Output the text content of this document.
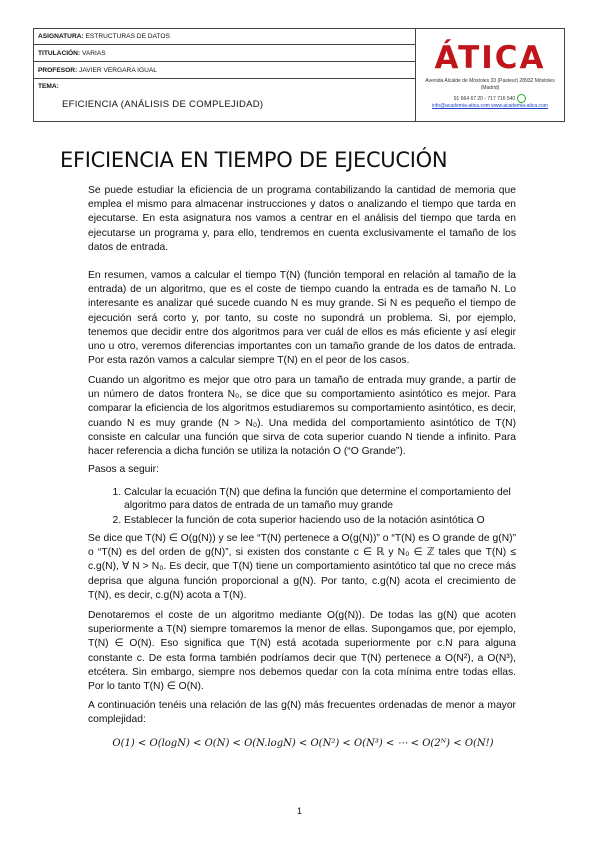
ASIGNATURA: ESTRUCTURAS DE DATOS	
ÁTICA
Avenida Alcalde de Móstoles 33 (Pasteur) 28932 Móstoles (Madrid)
91 664 67 20 - 717 716 540
info@academia-atica.com www.academia-atica.com

TITULACIÓN: VARIAS
PROFESOR: JAVIER VERGARA IGUAL
TEMA:
EFICIENCIA (ANÁLISIS DE COMPLEJIDAD)
EFICIENCIA EN TIEMPO DE EJECUCIÓN

Se puede estudiar la eficiencia de un programa contabilizando la cantidad de memoria que emplea el mismo para almacenar instrucciones y datos o analizando el tiempo que tarda en ejecutarse. En esta asignatura nos vamos a centrar en el análisis del tiempo que tarda en ejecutarse un programa y, para ello, tendremos en cuenta exclusivamente el tamaño de los datos de entrada.

En resumen, vamos a calcular el tiempo T(N) (función temporal en relación al tamaño de la entrada) de un algoritmo, que es el coste de tiempo cuando la entrada es de tamaño N. Lo interesante es analizar qué sucede cuando N es muy grande. Si N es pequeño el tiempo de ejecución será corto y, por tanto, su coste no supondrá un problema. Si, por ejemplo, tenemos que decidir entre dos algoritmos para ver cuál de ellos es más eficiente y así elegir uno u otro, veremos diferencias importantes con un tamaño grande de los datos de entrada. Por esta razón vamos a calcular siempre T(N) en el peor de los casos.

Cuando un algoritmo es mejor que otro para un tamaño de entrada muy grande, a partir de un número de datos frontera N₀, se dice que su comportamiento asintótico es mejor. Para comparar la eficiencia de los algoritmos estudiaremos su comportamiento asintótico, es decir, cuando N es muy grande (N > N₀). Una medida del comportamiento asintótico de T(N) consiste en calcular una función que sirva de cota superior cuando N tiende a infinito. Para hacer referencia a dicha función se utiliza la notación O (“O Grande”).

Pasos a seguir:

1. Calcular la ecuación T(N) que defina la función que determine el comportamiento del algoritmo para datos de entrada de un tamaño muy grande
2. Establecer la función de cota superior haciendo uso de la notación asintótica O

Se dice que T(N) ∈ O(g(N)) y se lee “T(N) pertenece a O(g(N))” o “T(N) es O grande de g(N)” o “T(N) es del orden de g(N)”, si existen dos constante c ∈ ℝ y N₀ ∈ ℤ tales que T(N) ≤ c.g(N), ∀ N > N₀. Es decir, que T(N) tiene un comportamiento asintótico tal que no crece más deprisa que alguna función proporcional a g(N). Por tanto, c.g(N) acota el crecimiento de T(N), es decir, c.g(N) acota a T(N).

Denotaremos el coste de un algoritmo mediante O(g(N)). De todas las g(N) que acoten superiormente a T(N) siempre tomaremos la menor de ellas. Supongamos que, por ejemplo, T(N) ∈ O(N). Eso significa que T(N) está acotada superiormente por c.N para alguna constante c. De esta forma también podríamos decir que T(N) pertenece a O(N²), a O(N³), etcétera. Sin embargo, siempre nos debemos quedar con la cota mínima entre todas ellas. Por lo tanto T(N) ∈ O(N).

A continuación tenéis una relación de las g(N) más frecuentes ordenadas de menor a mayor complejidad:

O(1) < O(logN) < O(N) < O(N.logN) < O(N²) < O(N³) < ⋯ < O(2ᴺ) < O(N!)
1
